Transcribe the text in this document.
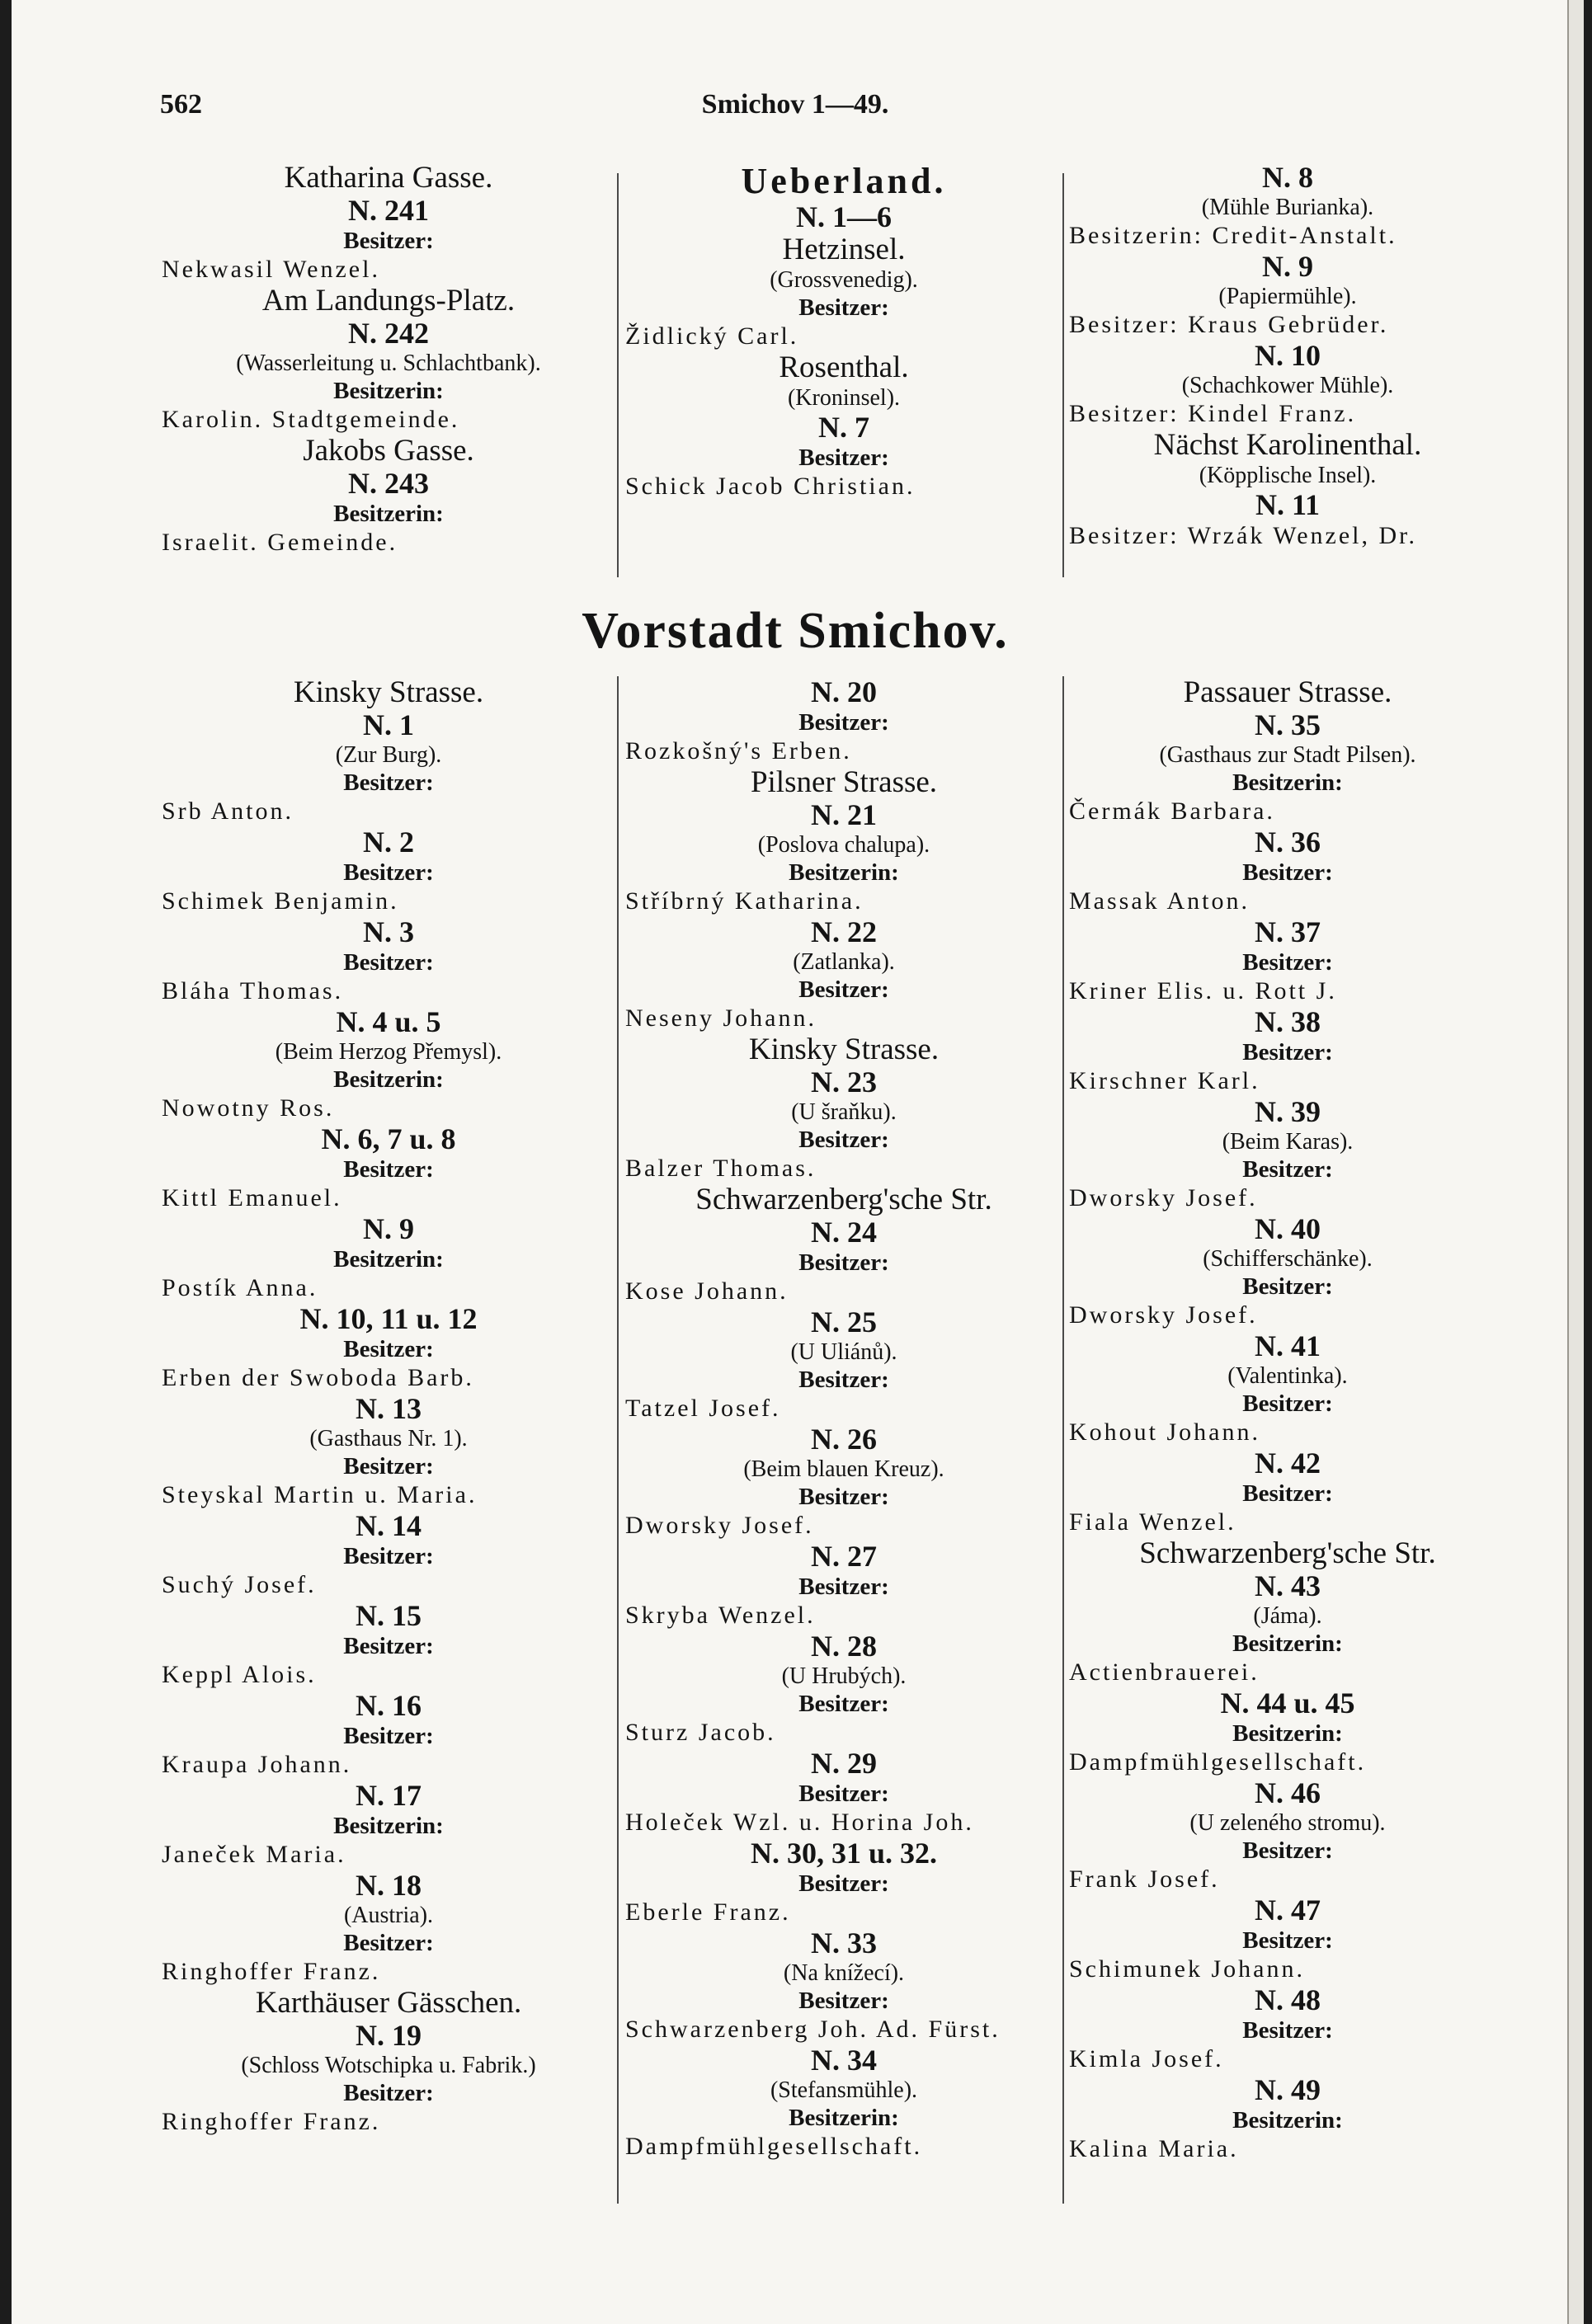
562	Smichov 1—49.
Katharina Gasse.
N. 241
Besitzer:
Nekwasil Wenzel.
Am Landungs-Platz.
N. 242
(Wasserleitung u. Schlachtbank).
Besitzerin:
Karolin. Stadtgemeinde.
Jakobs Gasse.
N. 243
Besitzerin:
Israelit. Gemeinde.
Ueberland.
N. 1—6
Hetzinsel.
(Grossvenedig).
Besitzer:
Židlický Carl.
Rosenthal.
(Kroninsel).
N. 7
Besitzer:
Schick Jacob Christian.
N. 8
(Mühle Burianka).
Besitzerin: Credit-Anstalt.
N. 9
(Papiermühle).
Besitzer: Kraus Gebrüder.
N. 10
(Schachkower Mühle).
Besitzer: Kindel Franz.
Nächst Karolinenthal.
(Köpplische Insel).
N. 11
Besitzer: Wrzák Wenzel, Dr.
Vorstadt Smichov.
Kinsky Strasse.
N. 1
(Zur Burg).
Besitzer:
Srb Anton.
N. 2
Besitzer:
Schimek Benjamin.
N. 3
Besitzer:
Bláha Thomas.
N. 4 u. 5
(Beim Herzog Přemysl).
Besitzerin:
Nowotny Ros.
N. 6, 7 u. 8
Besitzer:
Kittl Emanuel.
N. 9
Besitzerin:
Postík Anna.
N. 10, 11 u. 12
Besitzer:
Erben der Swoboda Barb.
N. 13
(Gasthaus Nr. 1).
Besitzer:
Steyskal Martin u. Maria.
N. 14
Besitzer:
Suchý Josef.
N. 15
Besitzer:
Keppl Alois.
N. 16
Besitzer:
Kraupa Johann.
N. 17
Besitzerin:
Janeček Maria.
N. 18
(Austria).
Besitzer:
Ringhoffer Franz.
Karthäuser Gässchen.
N. 19
(Schloss Wotschipka u. Fabrik.)
Besitzer:
Ringhoffer Franz.
N. 20
Besitzer:
Rozkošný's Erben.
Pilsner Strasse.
N. 21
(Poslova chalupa).
Besitzerin:
Stříbrný Katharina.
N. 22
(Zatlanka).
Besitzer:
Neseny Johann.
Kinsky Strasse.
N. 23
(U šraňku).
Besitzer:
Balzer Thomas.
Schwarzenberg'sche Str.
N. 24
Besitzer:
Kose Johann.
N. 25
(U Uliánů).
Besitzer:
Tatzel Josef.
N. 26
(Beim blauen Kreuz).
Besitzer:
Dworsky Josef.
N. 27
Besitzer:
Skryba Wenzel.
N. 28
(U Hrubých).
Besitzer:
Sturz Jacob.
N. 29
Besitzer:
Holeček Wzl. u. Horina Joh.
N. 30, 31 u. 32.
Besitzer:
Eberle Franz.
N. 33
(Na knížecí).
Besitzer:
Schwarzenberg Joh. Ad. Fürst.
N. 34
(Stefansmühle).
Besitzerin:
Dampfmühlgesellschaft.
Passauer Strasse.
N. 35
(Gasthaus zur Stadt Pilsen).
Besitzerin:
Čermák Barbara.
N. 36
Besitzer:
Massak Anton.
N. 37
Besitzer:
Kriner Elis. u. Rott J.
N. 38
Besitzer:
Kirschner Karl.
N. 39
(Beim Karas).
Besitzer:
Dworsky Josef.
N. 40
(Schifferschänke).
Besitzer:
Dworsky Josef.
N. 41
(Valentinka).
Besitzer:
Kohout Johann.
N. 42
Besitzer:
Fiala Wenzel.
Schwarzenberg'sche Str.
N. 43
(Jáma).
Besitzerin:
Actienbrauerei.
N. 44 u. 45
Besitzerin:
Dampfmühlgesellschaft.
N. 46
(U zeleného stromu).
Besitzer:
Frank Josef.
N. 47
Besitzer:
Schimunek Johann.
N. 48
Besitzer:
Kimla Josef.
N. 49
Besitzerin:
Kalina Maria.
